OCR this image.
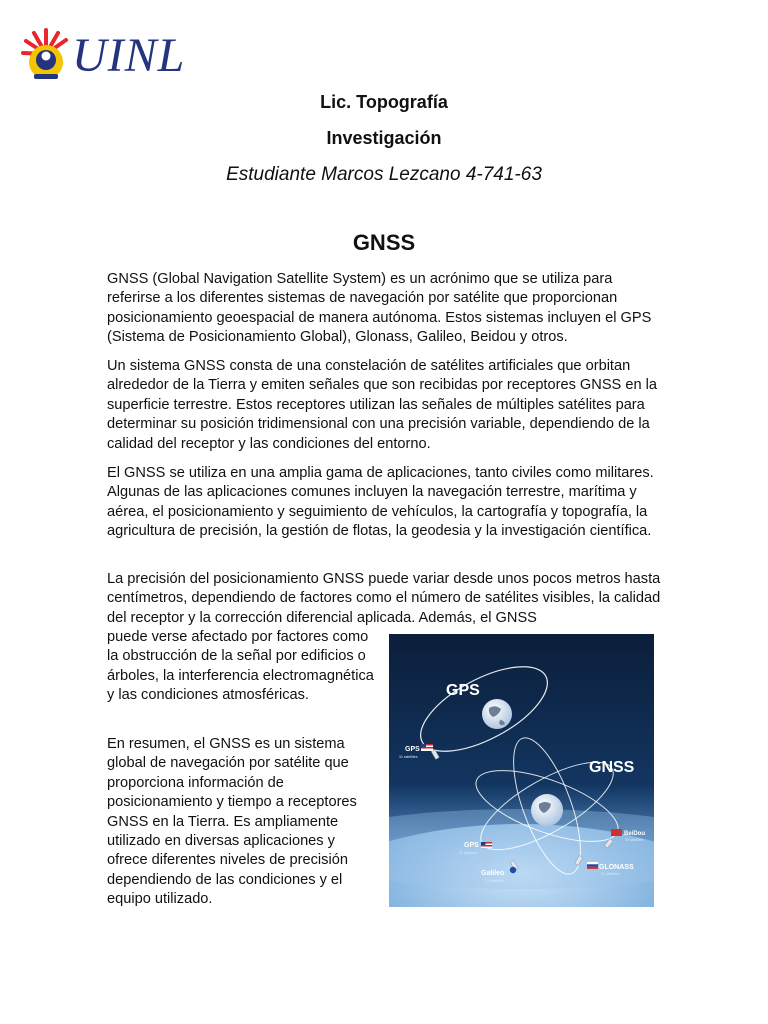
UINL

Lic. Topografía

Investigación

Estudiante Marcos Lezcano 4-741-63

GNSS

GNSS (Global Navigation Satellite System) es un acrónimo que se utiliza para referirse a los diferentes sistemas de navegación por satélite que proporcionan posicionamiento geoespacial de manera autónoma. Estos sistemas incluyen el GPS (Sistema de Posicionamiento Global), Glonass, Galileo, Beidou y otros.

Un sistema GNSS consta de una constelación de satélites artificiales que orbitan alrededor de la Tierra y emiten señales que son recibidas por receptores GNSS en la superficie terrestre. Estos receptores utilizan las señales de múltiples satélites para determinar su posición tridimensional con una precisión variable, dependiendo de la calidad del receptor y las condiciones del entorno.

El GNSS se utiliza en una amplia gama de aplicaciones, tanto civiles como militares. Algunas de las aplicaciones comunes incluyen la navegación terrestre, marítima y aérea, el posicionamiento y seguimiento de vehículos, la cartografía y topografía, la agricultura de precisión, la gestión de flotas, la geodesia y la investigación científica.

La precisión del posicionamiento GNSS puede variar desde unos pocos metros hasta centímetros, dependiendo de factores como el número de satélites visibles, la calidad del receptor y la corrección diferencial aplicada. Además, el GNSS

puede verse afectado por factores como la obstrucción de la señal por edificios o árboles, la interferencia electromagnética y las condiciones atmosféricas.

En resumen, el GNSS es un sistema global de navegación por satélite que proporciona información de posicionamiento y tiempo a receptores GNSS en la Tierra. Es ampliamente utilizado en diversas aplicaciones y ofrece diferentes niveles de precisión dependiendo de las condiciones y el equipo utilizado.

GPS
GNSS
GPS
31 satellites
GPS
31 satellites
Galileo
22 satellites
GLONASS
24 satellites
BeiDou
35 satellites
